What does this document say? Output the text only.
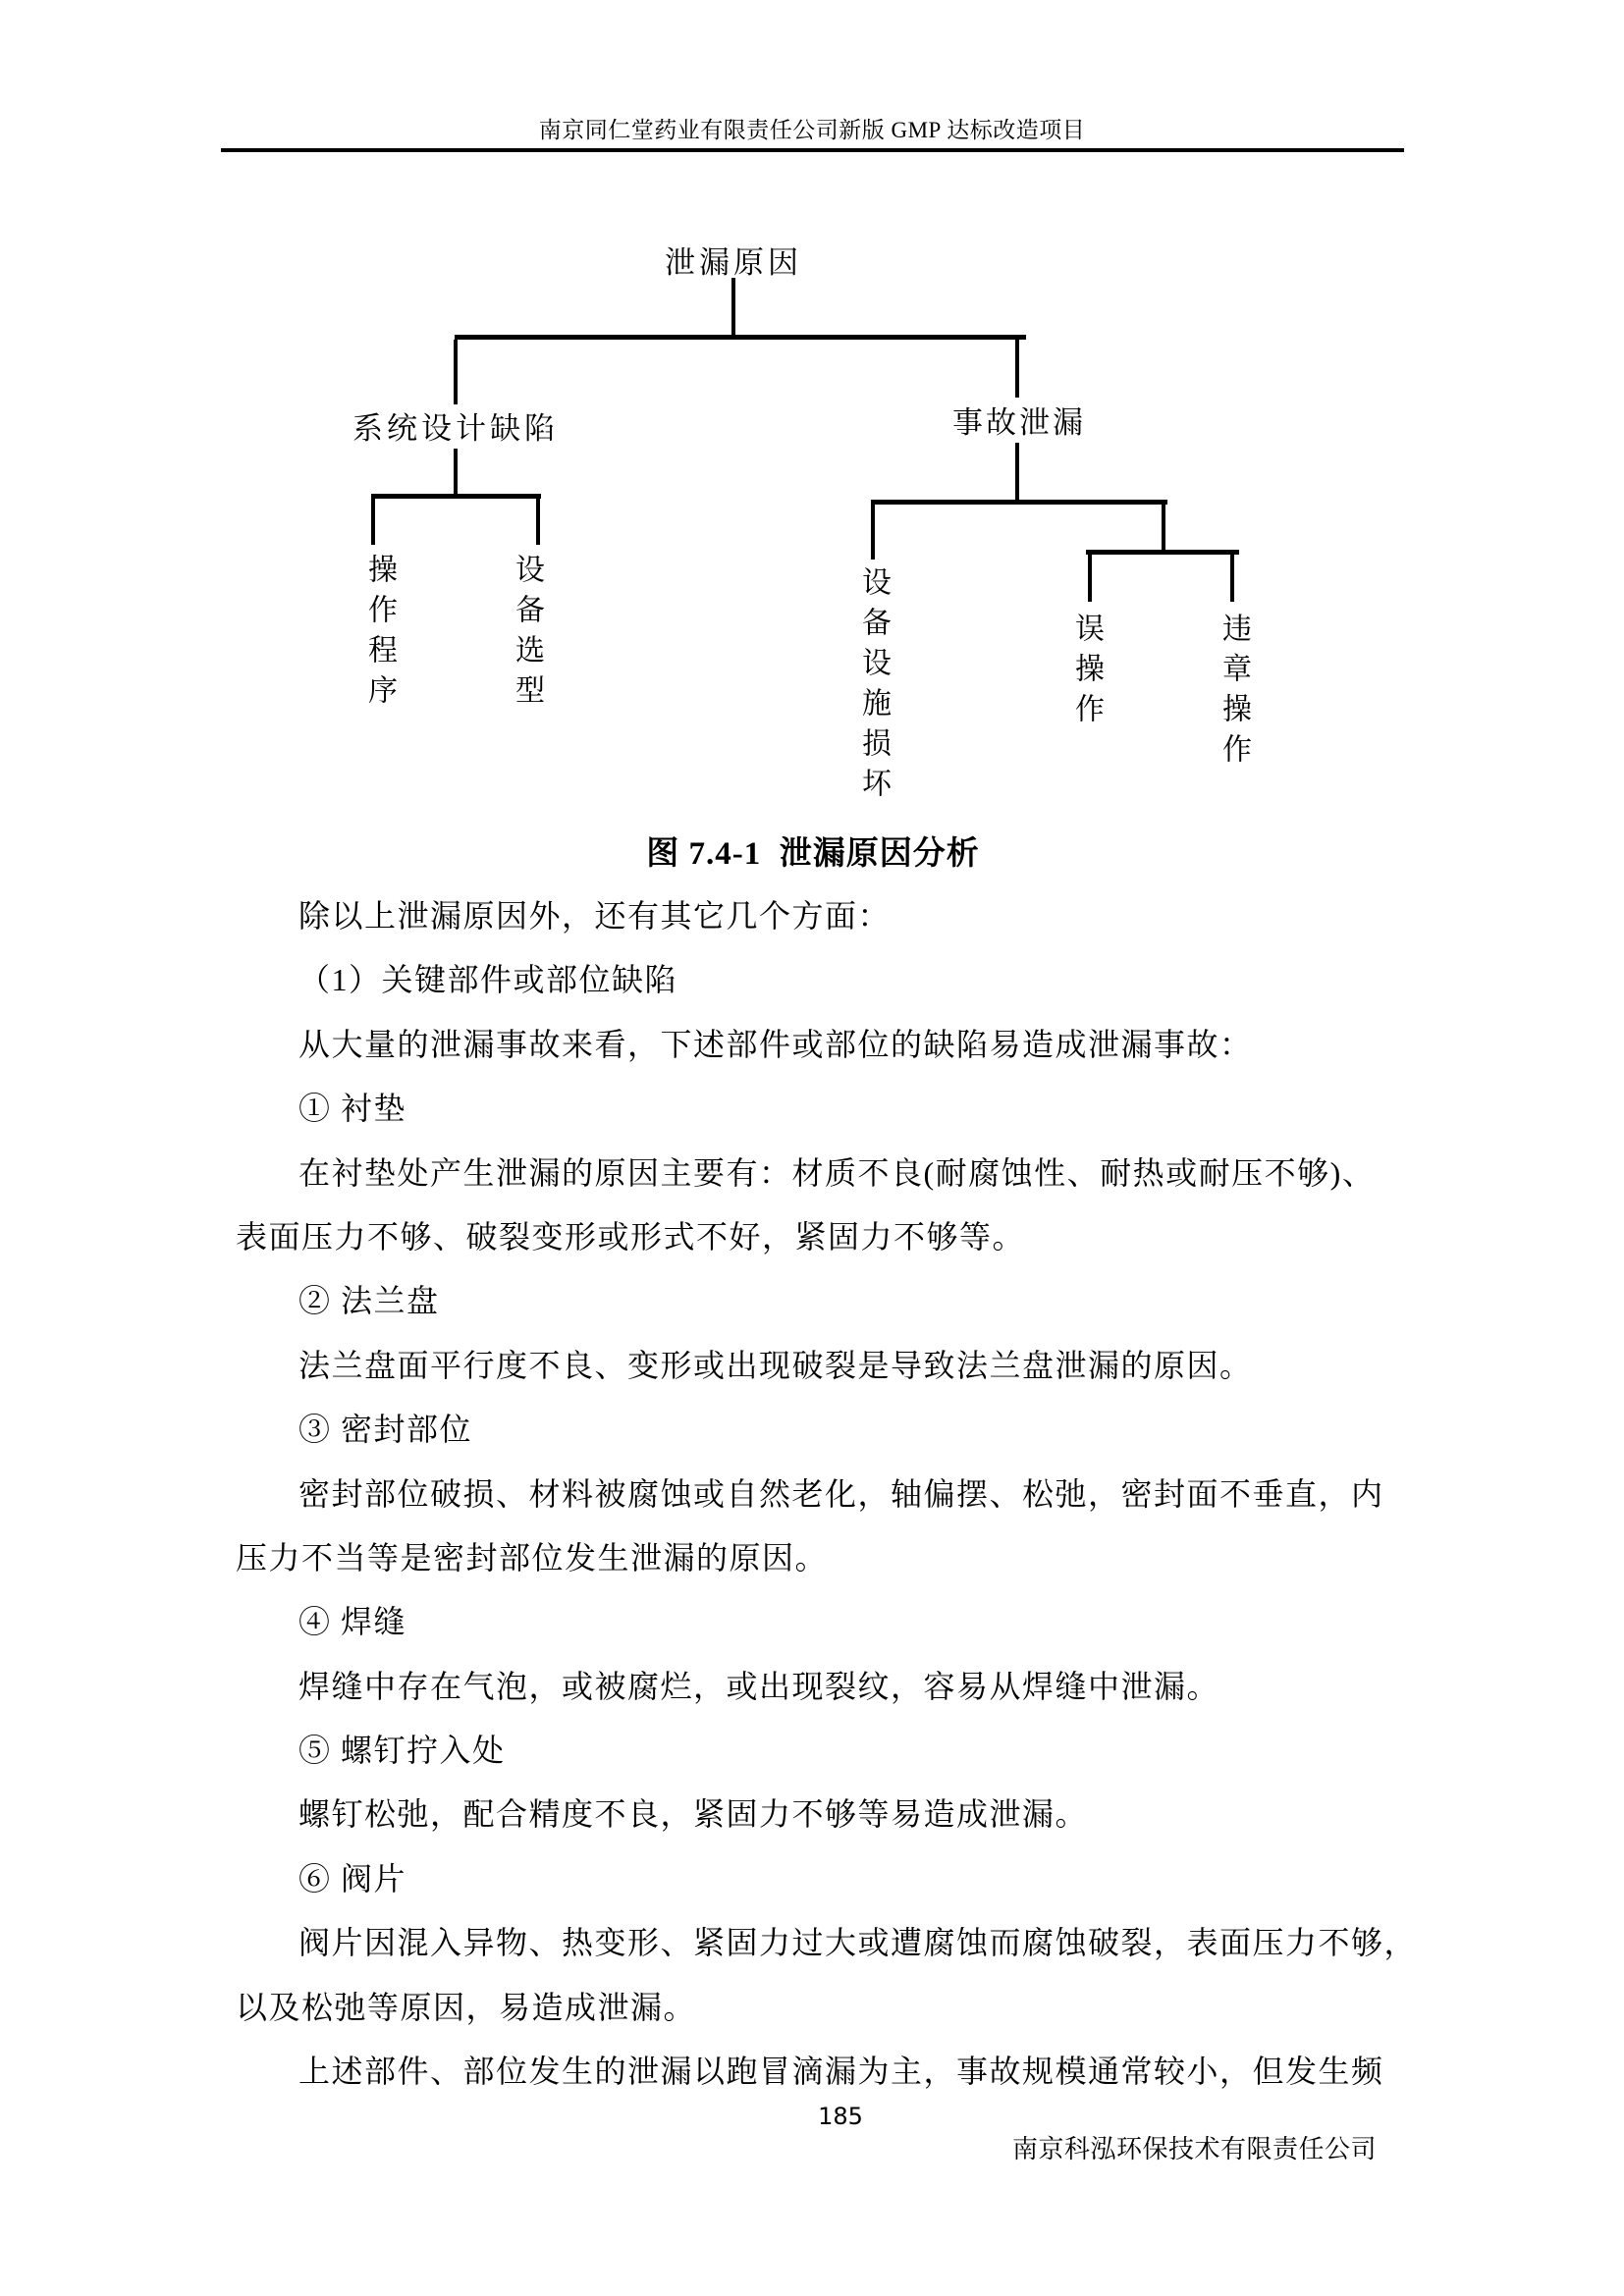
南京同仁堂药业有限责任公司新版 GMP 达标改造项目
泄漏原因
系统设计缺陷	事故泄漏
操作程序	设备选型	设备设施损坏	误操作	违章操作
图 7.4-1  泄漏原因分析
除以上泄漏原因外，还有其它几个方面：
（1）关键部件或部位缺陷
从大量的泄漏事故来看，下述部件或部位的缺陷易造成泄漏事故：
① 衬垫
在衬垫处产生泄漏的原因主要有：材质不良(耐腐蚀性、耐热或耐压不够)、
表面压力不够、破裂变形或形式不好，紧固力不够等。
② 法兰盘
法兰盘面平行度不良、变形或出现破裂是导致法兰盘泄漏的原因。
③ 密封部位
密封部位破损、材料被腐蚀或自然老化，轴偏摆、松弛，密封面不垂直，内
压力不当等是密封部位发生泄漏的原因。
④ 焊缝
焊缝中存在气泡，或被腐烂，或出现裂纹，容易从焊缝中泄漏。
⑤ 螺钉拧入处
螺钉松弛，配合精度不良，紧固力不够等易造成泄漏。
⑥ 阀片
阀片因混入异物、热变形、紧固力过大或遭腐蚀而腐蚀破裂，表面压力不够，
以及松弛等原因，易造成泄漏。
上述部件、部位发生的泄漏以跑冒滴漏为主，事故规模通常较小，但发生频
185
南京科泓环保技术有限责任公司
